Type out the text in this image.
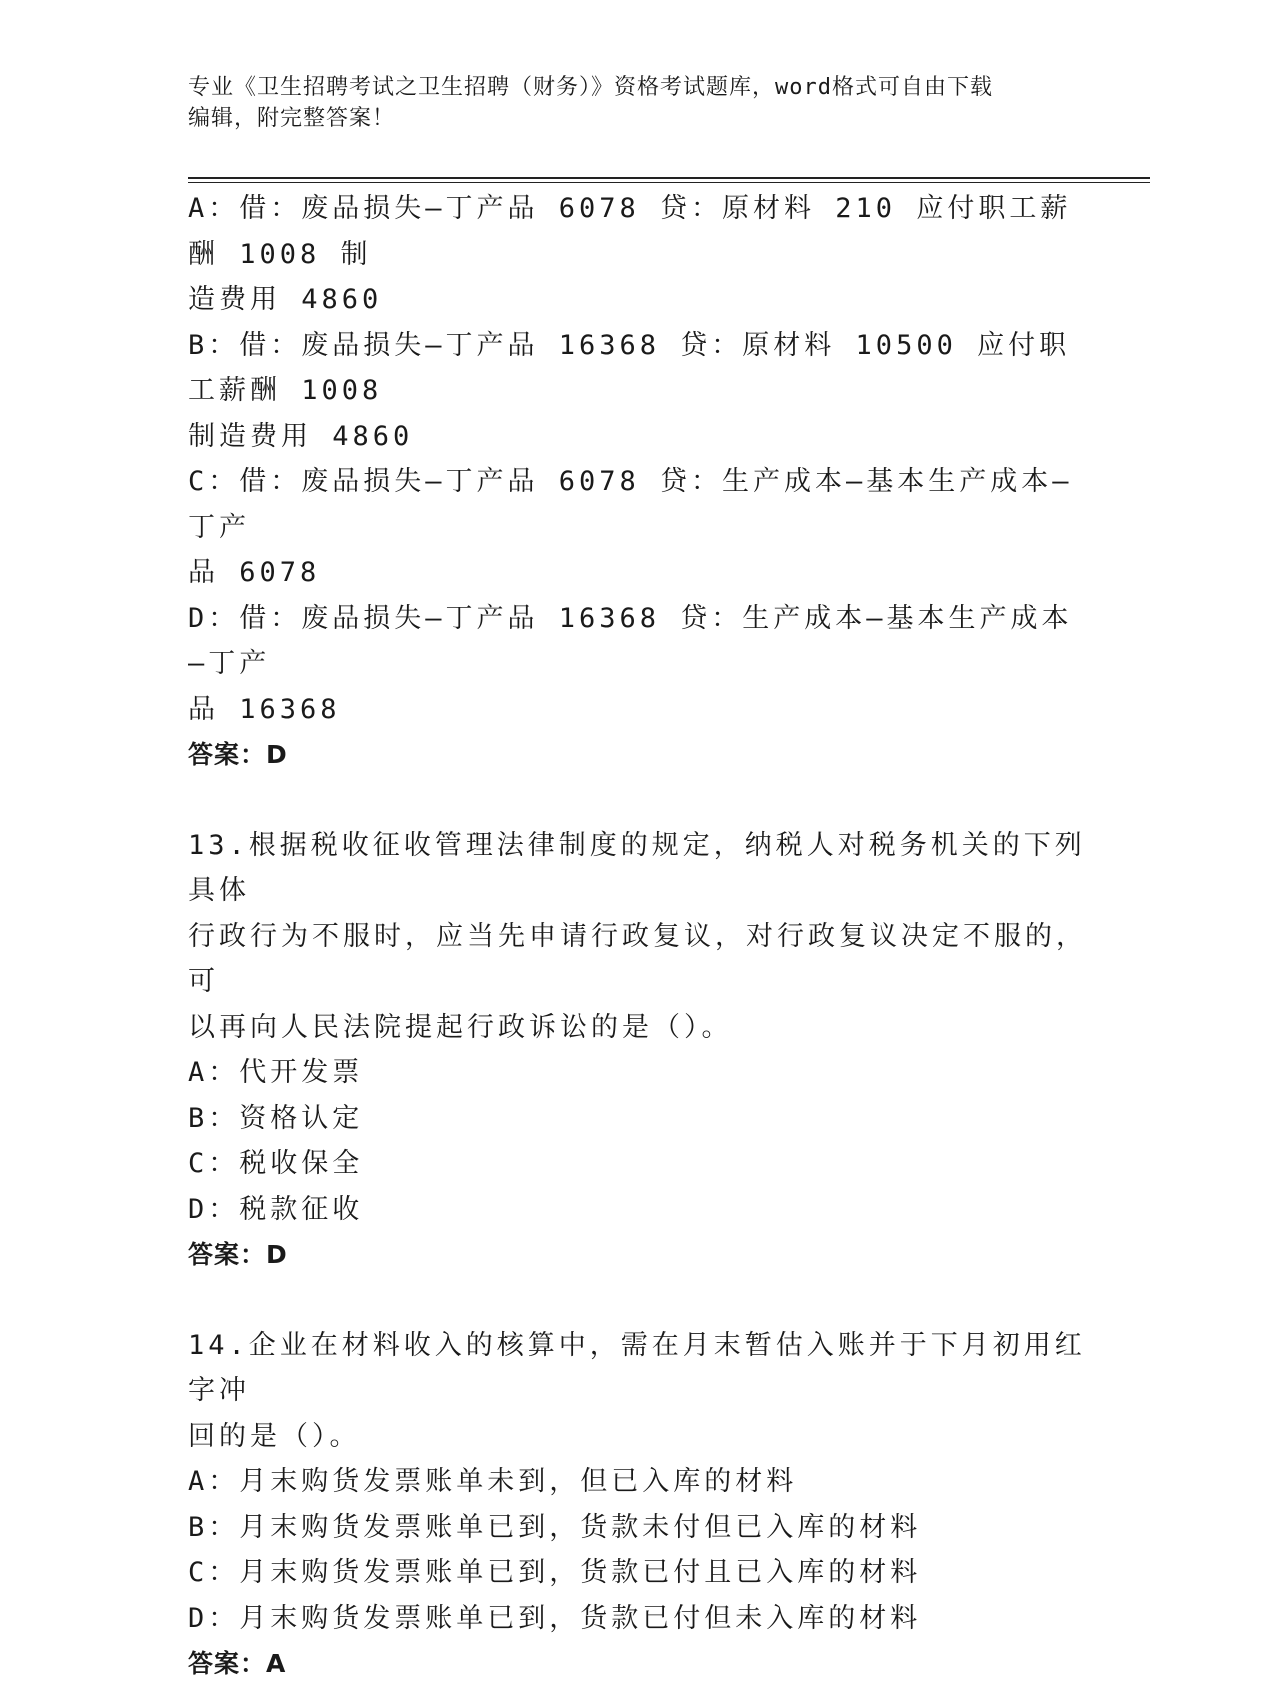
专业《卫生招聘考试之卫生招聘（财务）》资格考试题库，word格式可自由下载
编辑，附完整答案！
A：借：废品损失—丁产品 6078 贷：原材料 210 应付职工薪酬 1008 制
造费用 4860
B：借：废品损失—丁产品 16368 贷：原材料 10500 应付职工薪酬 1008
制造费用 4860
C：借：废品损失—丁产品 6078 贷：生产成本—基本生产成本—丁产
品 6078
D：借：废品损失—丁产品 16368 贷：生产成本—基本生产成本—丁产
品 16368
答案：D
13.根据税收征收管理法律制度的规定，纳税人对税务机关的下列具体
行政行为不服时，应当先申请行政复议，对行政复议决定不服的，可
以再向人民法院提起行政诉讼的是（）。
A：代开发票
B：资格认定
C：税收保全
D：税款征收
答案：D
14.企业在材料收入的核算中，需在月末暂估入账并于下月初用红字冲
回的是（）。
A：月末购货发票账单未到，但已入库的材料
B：月末购货发票账单已到，货款未付但已入库的材料
C：月末购货发票账单已到，货款已付且已入库的材料
D：月末购货发票账单已到，货款已付但未入库的材料
答案：A
